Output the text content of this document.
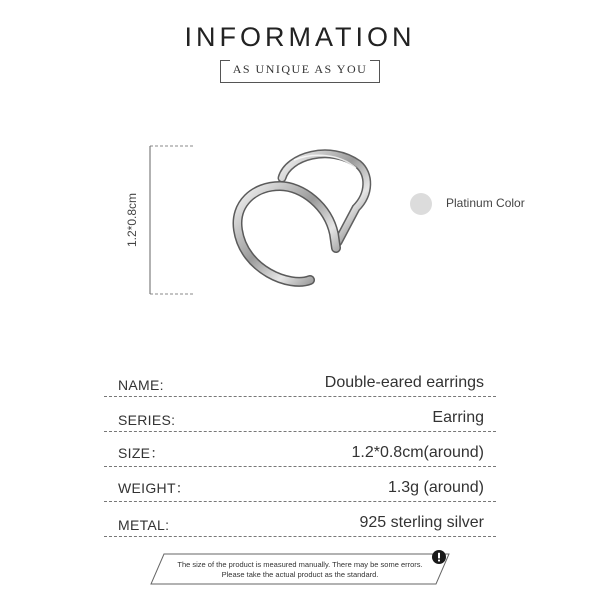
INFORMATION
AS UNIQUE AS YOU
1.2*0.8cm	Platinum Color
NAME:	Double-eared earrings
SERIES:	Earring
SIZE：	1.2*0.8cm(around)
WEIGHT：	1.3g (around)
METAL:	925 sterling silver
The size of the product is measured manually. There may be some errors.
Please take the actual product as the standard.
